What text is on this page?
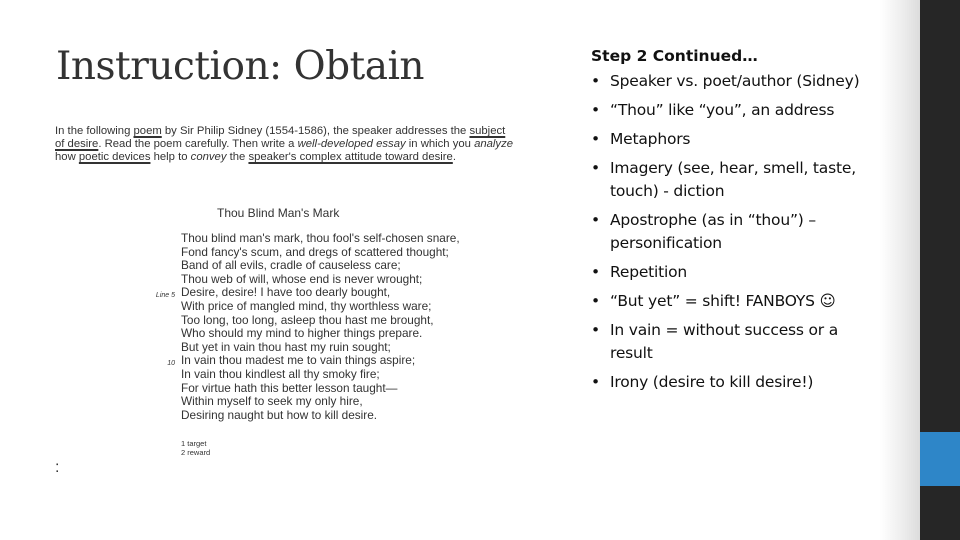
Instruction: Obtain
In the following poem by Sir Philip Sidney (1554-1586), the speaker addresses the subject of desire. Read the poem carefully. Then write a well-developed essay in which you analyze how poetic devices help to convey the speaker's complex attitude toward desire.
Thou Blind Man's Mark
Thou blind man's mark, thou fool's self-chosen snare,
Fond fancy's scum, and dregs of scattered thought;
Band of all evils, cradle of causeless care;
Thou web of will, whose end is never wrought;
Line 5 Desire, desire! I have too dearly bought,
With price of mangled mind, thy worthless ware;
Too long, too long, asleep thou hast me brought,
Who should my mind to higher things prepare.
But yet in vain thou hast my ruin sought;
10 In vain thou madest me to vain things aspire;
In vain thou kindlest all thy smoky fire;
For virtue hath this better lesson taught—
Within myself to seek my only hire,
Desiring naught but how to kill desire.
1 target
2 reward
:
Step 2 Continued…
• Speaker vs. poet/author (Sidney)
• “Thou” like “you”, an address
• Metaphors
• Imagery (see, hear, smell, taste, touch) - diction
• Apostrophe (as in “thou”) – personification
• Repetition
• “But yet” = shift! FANBOYS ☺
• In vain = without success or a result
• Irony (desire to kill desire!)
